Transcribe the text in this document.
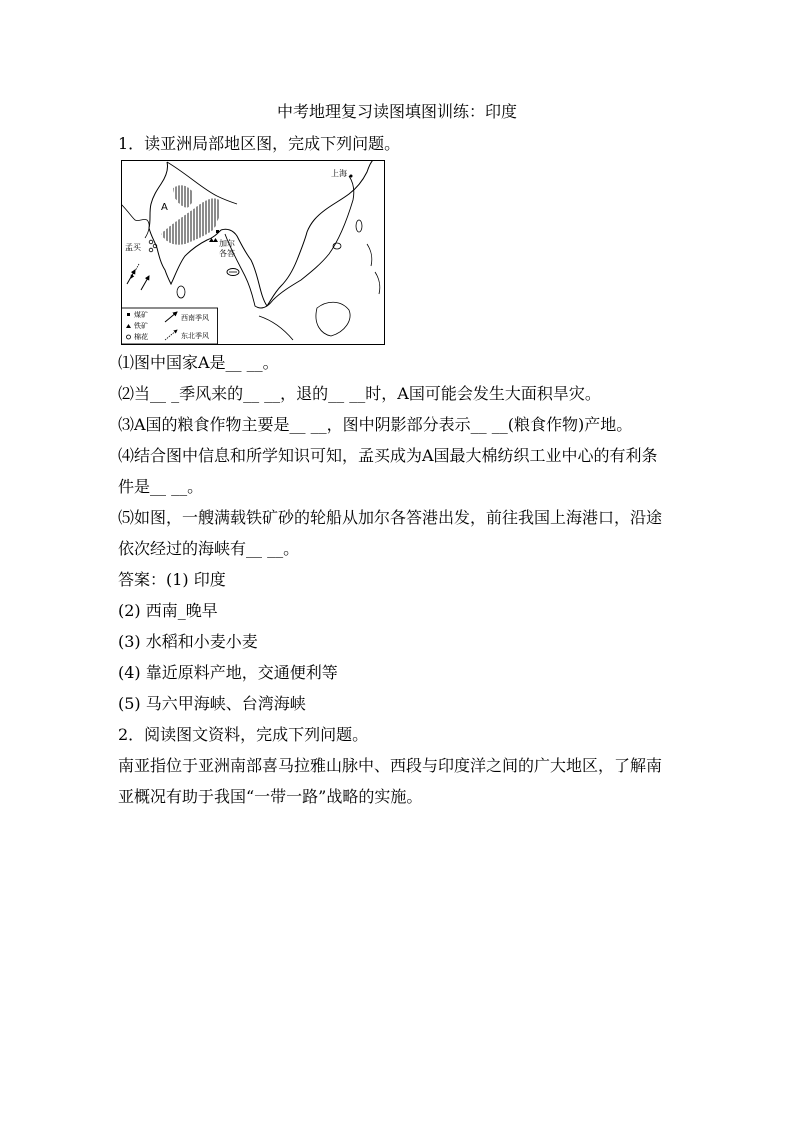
中考地理复习读图填图训练：印度
1．读亚洲局部地区图，完成下列问题。
上海
A
加尔
各答
孟买
煤矿
铁矿
棉花
西南季风
东北季风
⑴图中国家A是__ __。
⑵当__ _季风来的__ __，退的__ __时，A国可能会发生大面积旱灾。
⑶A国的粮食作物主要是__ __，图中阴影部分表示__ __(粮食作物)产地。
⑷结合图中信息和所学知识可知，孟买成为A国最大棉纺织工业中心的有利条
件是__ __。
⑸如图，一艘满载铁矿砂的轮船从加尔各答港出发，前往我国上海港口，沿途
依次经过的海峡有__ __。
答案：(1) 印度
(2) 西南_晚早
(3) 水稻和小麦小麦
(4) 靠近原料产地，交通便利等
(5) 马六甲海峡、台湾海峡
2．阅读图文资料，完成下列问题。
南亚指位于亚洲南部喜马拉雅山脉中、西段与印度洋之间的广大地区，了解南
亚概况有助于我国“一带一路”战略的实施。
